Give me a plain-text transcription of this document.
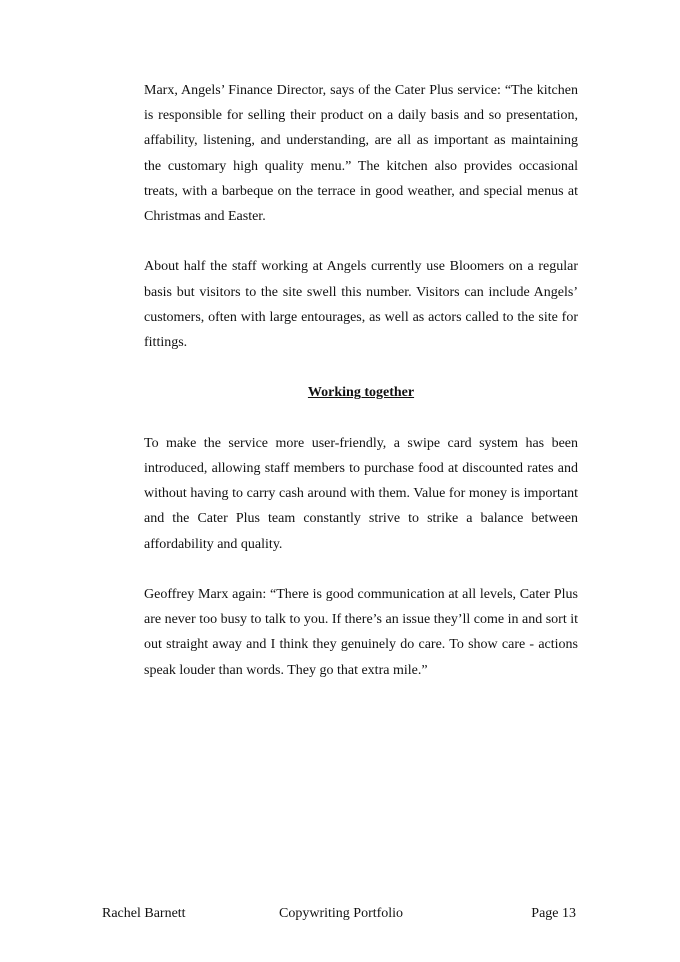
Marx, Angels’ Finance Director, says of the Cater Plus service: “The kitchen is responsible for selling their product on a daily basis and so presentation, affability, listening, and understanding, are all as important as maintaining the customary high quality menu.” The kitchen also provides occasional treats, with a barbeque on the terrace in good weather, and special menus at Christmas and Easter.

About half the staff working at Angels currently use Bloomers on a regular basis but visitors to the site swell this number. Visitors can include Angels’ customers, often with large entourages, as well as actors called to the site for fittings.

Working together

To make the service more user-friendly, a swipe card system has been introduced, allowing staff members to purchase food at discounted rates and without having to carry cash around with them. Value for money is important and the Cater Plus team constantly strive to strike a balance between affordability and quality.

Geoffrey Marx again: “There is good communication at all levels, Cater Plus are never too busy to talk to you. If there’s an issue they’ll come in and sort it out straight away and I think they genuinely do care. To show care - actions speak louder than words. They go that extra mile.”

Rachel Barnett	Copywriting Portfolio	Page 13
